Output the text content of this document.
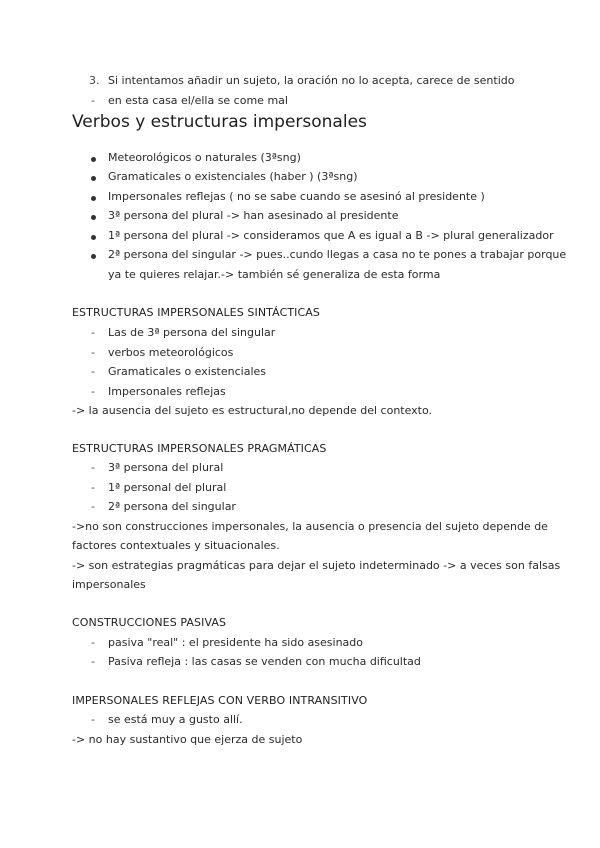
3. Si intentamos añadir un sujeto, la oración no lo acepta, carece de sentido
- en esta casa el/ella se come mal
Verbos y estructuras impersonales
Meteorológicos o naturales (3ªsng)
Gramaticales o existenciales (haber ) (3ªsng)
Impersonales reflejas ( no se sabe cuando se asesinó al presidente )
3ª persona del plural -> han asesinado al presidente
1ª persona del plural -> consideramos que A es igual a B -> plural generalizador
2ª persona del singular -> pues..cundo llegas a casa no te pones a trabajar porque
ya te quieres relajar.-> también sé generaliza de esta forma
ESTRUCTURAS IMPERSONALES SINTÁCTICAS
- Las de 3ª persona del singular
- verbos meteorológicos
- Gramaticales o existenciales
- Impersonales reflejas
-> la ausencia del sujeto es estructural,no depende del contexto.
ESTRUCTURAS IMPERSONALES PRAGMÁTICAS
- 3ª persona del plural
- 1ª personal del plural
- 2ª persona del singular
->no son construcciones impersonales, la ausencia o presencia del sujeto depende de
factores contextuales y situacionales.
-> son estrategias pragmáticas para dejar el sujeto indeterminado -> a veces son falsas
impersonales
CONSTRUCCIONES PASIVAS
- pasiva "real" : el presidente ha sido asesinado
- Pasiva refleja : las casas se venden con mucha dificultad
IMPERSONALES REFLEJAS CON VERBO INTRANSITIVO
- se está muy a gusto allí.
-> no hay sustantivo que ejerza de sujeto
